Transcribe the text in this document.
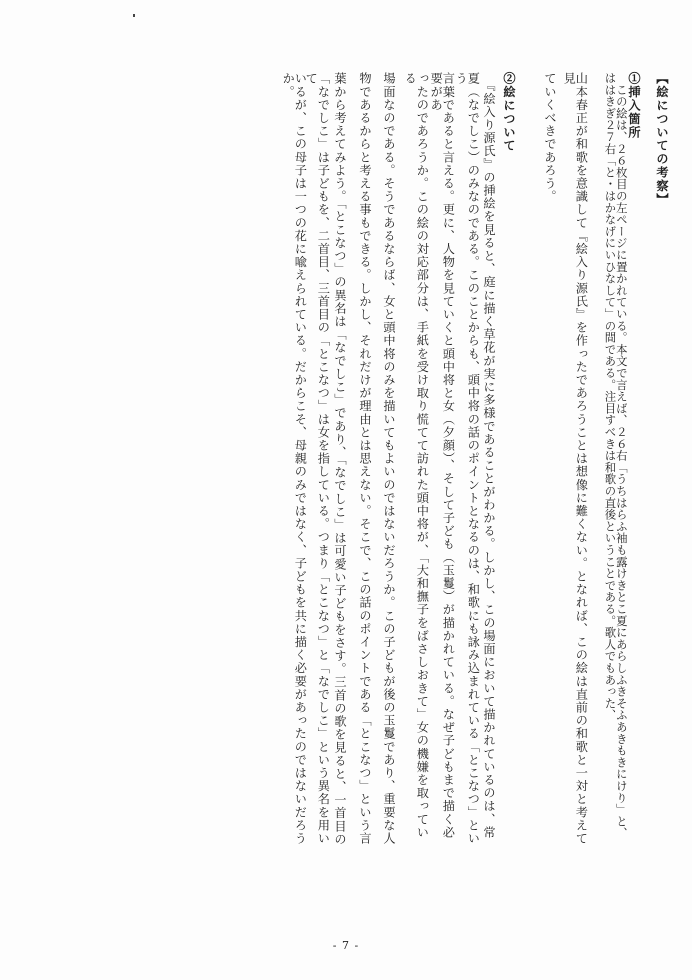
【絵についての考察】
①挿入箇所
　この絵は、２６枚目の左ページに置かれている。本文で言えば、２６右「うちはらふ袖も露けきとこ夏にあらしふきそふあきもきにけり」と、ははきぎ２７右「と・はかなげにいひなして」の間である。注目すべきは和歌の直後ということである。歌人でもあった、
山本春正が和歌を意識して『絵入り源氏』を作ったであろうことは想像に難くない。となれば、この絵は直前の和歌と一対と考えて見
ていくべきであろう。
②絵について
　『絵入り源氏』の挿絵を見ると、庭に描く草花が実に多様であることがわかる。しかし、この場面において描かれているのは、常
夏（なでしこ）のみなのである。このことからも、頭中将の話のポイントとなるのは、和歌にも詠み込まれている「とこなつ」という
言葉であると言える。更に、人物を見ていくと頭中将と女（夕顔）、そして子ども（玉鬘）が描かれている。なぜ子どもまで描く必要があ
ったのであろうか。この絵の対応部分は、手紙を受け取り慌てて訪れた頭中将が、「大和撫子をばさしおきて」女の機嫌を取っている
場面なのである。そうであるならば、女と頭中将のみを描いてもよいのではないだろうか。この子どもが後の玉鬘であり、重要な人
物であるからと考える事もできる。しかし、それだけが理由とは思えない。そこで、この話のポイントである「とこなつ」という言
葉から考えてみよう。「とこなつ」の異名は「なでしこ」であり、「なでしこ」は可愛い子どもをさす。三首の歌を見ると、一首目の
「なでしこ」は子どもを、二首目、三首目の「とこなつ」は女を指している。つまり「とこなつ」と「なでしこ」という異名を用いて
いるが、この母子は一つの花に喩えられている。だからこそ、母親のみではなく、子どもを共に描く必要があったのではないだろうか。
- 7 -
